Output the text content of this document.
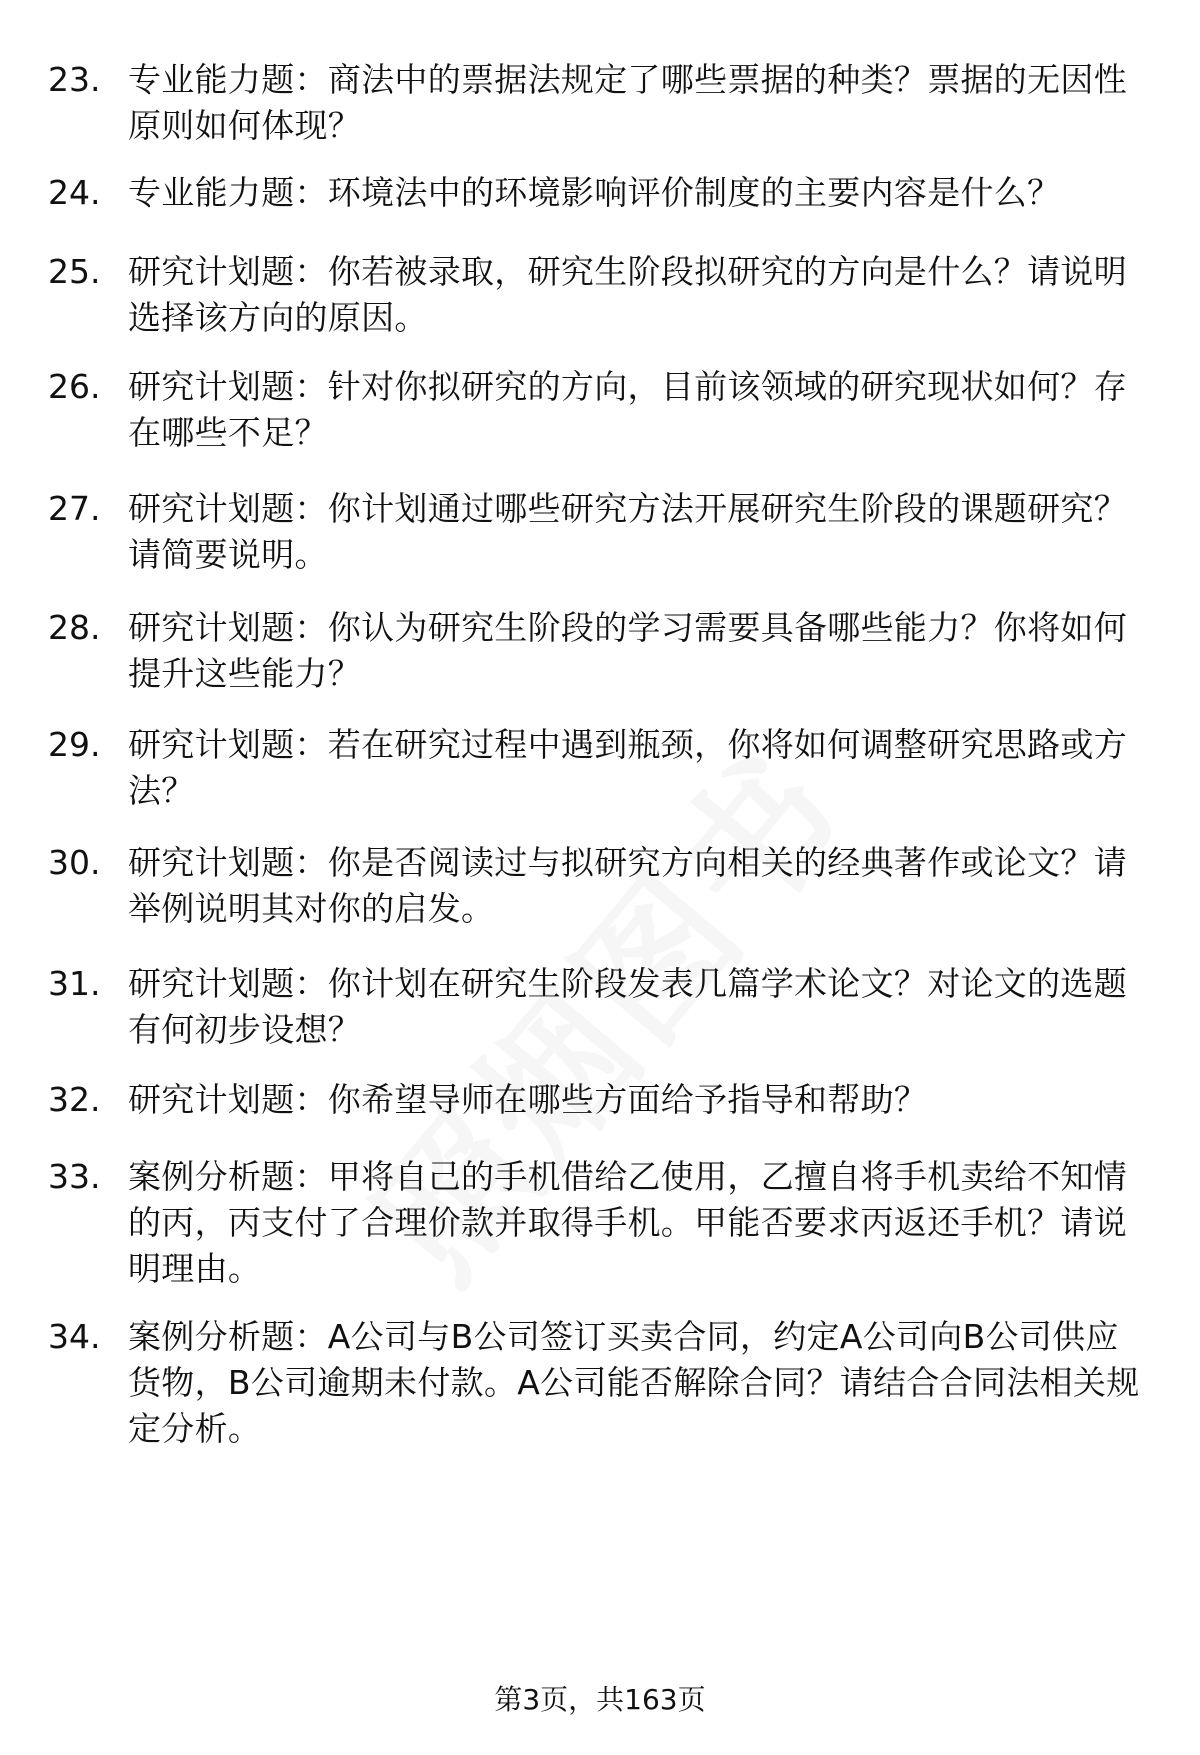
23. 专业能力题：商法中的票据法规定了哪些票据的种类？票据的无因性原则如何体现？
24. 专业能力题：环境法中的环境影响评价制度的主要内容是什么？
25. 研究计划题：你若被录取，研究生阶段拟研究的方向是什么？请说明选择该方向的原因。
26. 研究计划题：针对你拟研究的方向，目前该领域的研究现状如何？存在哪些不足？
27. 研究计划题：你计划通过哪些研究方法开展研究生阶段的课题研究？请简要说明。
28. 研究计划题：你认为研究生阶段的学习需要具备哪些能力？你将如何提升这些能力？
29. 研究计划题：若在研究过程中遇到瓶颈，你将如何调整研究思路或方法？
30. 研究计划题：你是否阅读过与拟研究方向相关的经典著作或论文？请举例说明其对你的启发。
31. 研究计划题：你计划在研究生阶段发表几篇学术论文？对论文的选题有何初步设想？
32. 研究计划题：你希望导师在哪些方面给予指导和帮助？
33. 案例分析题：甲将自己的手机借给乙使用，乙擅自将手机卖给不知情的丙，丙支付了合理价款并取得手机。甲能否要求丙返还手机？请说明理由。
34. 案例分析题：A公司与B公司签订买卖合同，约定A公司向B公司供应货物，B公司逾期未付款。A公司能否解除合同？请结合合同法相关规定分析。
第3页，共163页
